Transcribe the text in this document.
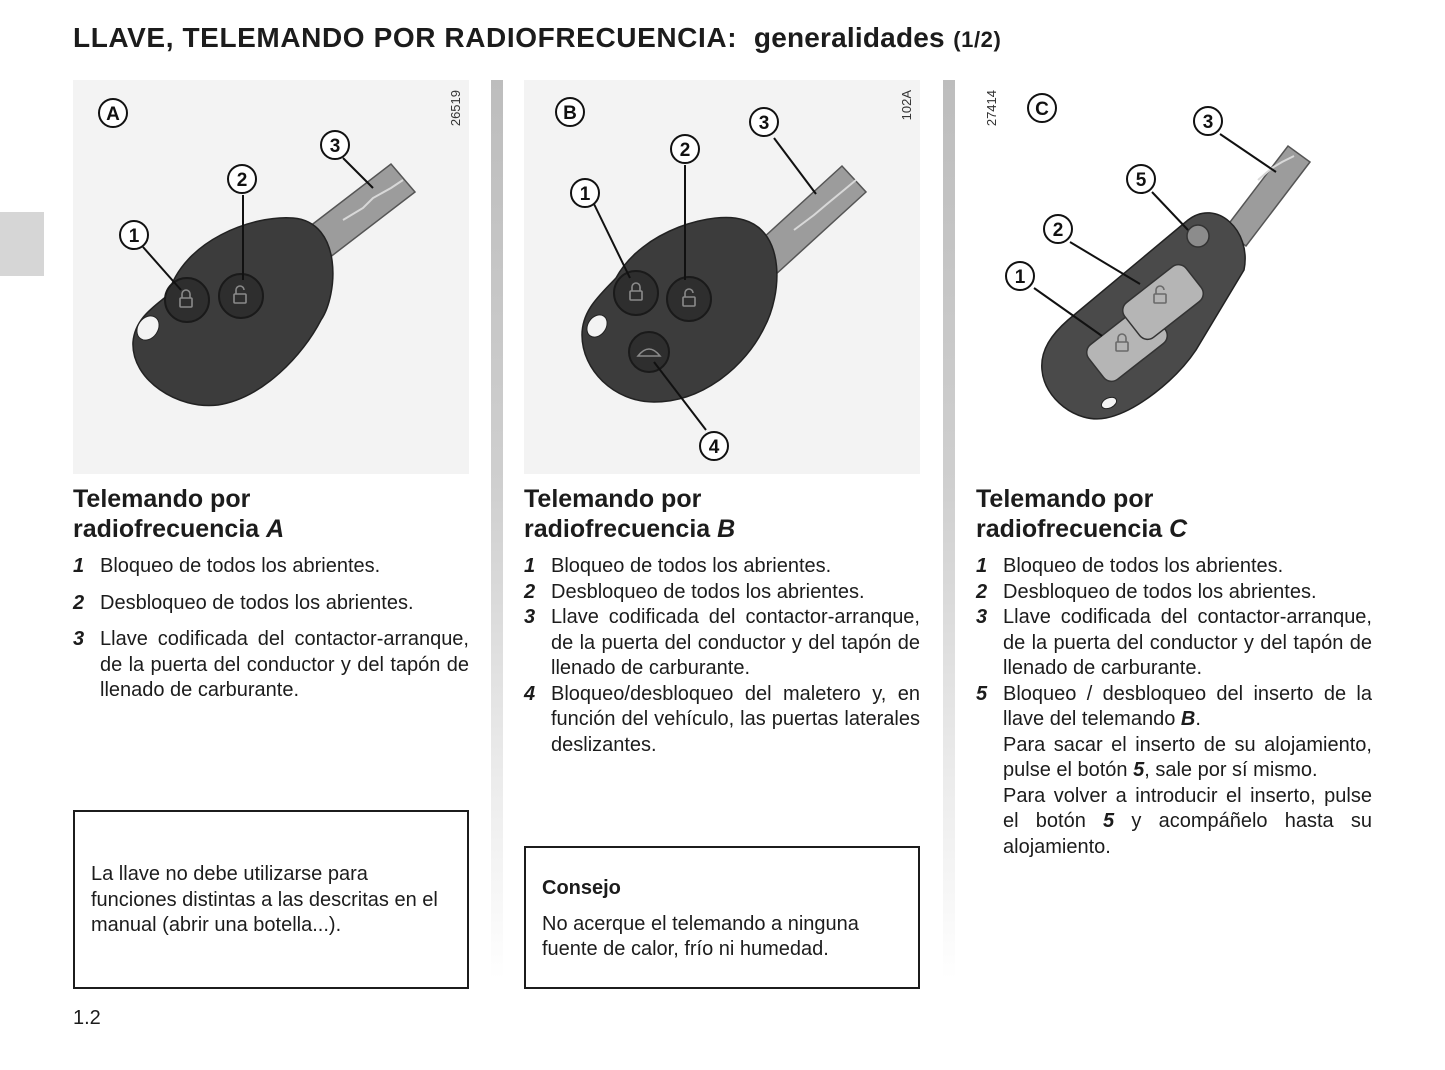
LLAVE, TELEMANDO POR RADIOFRECUENCIA: generalidades (1/2)
A
1
2
3
26519	B
1
2
3
4
102A	C
1
2
3
5
27414
Telemando por
radiofrecuencia A
1 Bloqueo de todos los abrientes.

2 Desbloqueo de todos los abrientes.

3 Llave codificada del contactor-arranque, de la puerta del conductor y del tapón de llenado de carburante.

La llave no debe utilizarse para funciones distintas a las descritas en el manual (abrir una botella...).

Telemando por
radiofrecuencia B
1 Bloqueo de todos los abrientes.

2 Desbloqueo de todos los abrientes.

3 Llave codificada del contactor-arranque, de la puerta del conductor y del tapón de llenado de carburante.

4 Bloqueo/desbloqueo del maletero y, en función del vehículo, las puertas laterales deslizantes.

Consejo

No acerque el telemando a ninguna fuente de calor, frío ni humedad.

Telemando por
radiofrecuencia C
1 Bloqueo de todos los abrientes.

2 Desbloqueo de todos los abrientes.

3 Llave codificada del contactor-arranque, de la puerta del conductor y del tapón de llenado de carburante.

5 Bloqueo / desbloqueo del inserto de la llave del telemando B.

Para sacar el inserto de su alojamiento, pulse el botón 5, sale por sí mismo.

Para volver a introducir el inserto, pulse el botón 5 y acompáñelo hasta su alojamiento.

1.2
